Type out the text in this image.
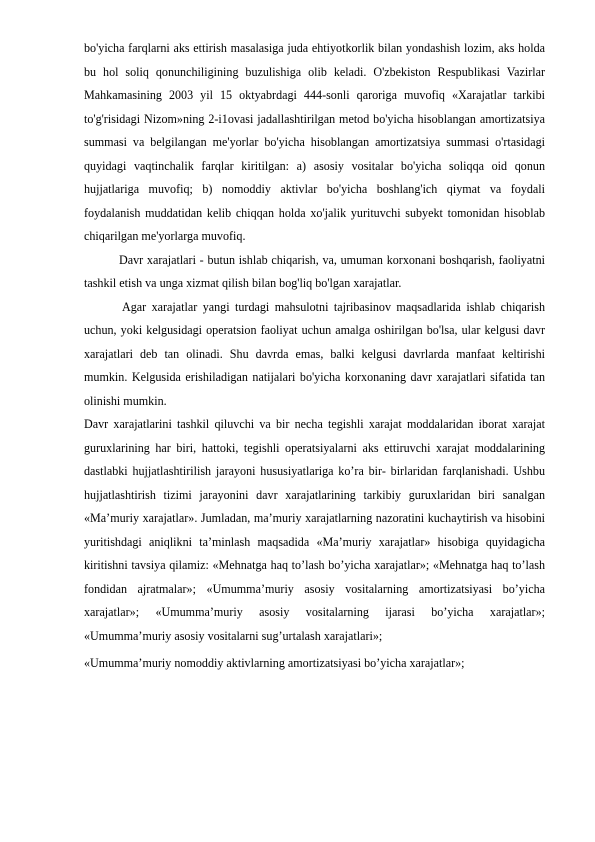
bo'yicha farqlarni aks ettirish masalasiga juda ehtiyotkorlik bilan yondashish lozim, aks holda bu hol soliq qonunchiligining buzulishiga olib keladi. O'zbekiston Respublikasi Vazirlar Mahkamasining 2003 yil 15 oktyabrdagi 444-sonli qaroriga muvofiq «Xarajatlar tarkibi to'g'risidagi Nizom»ning 2-i1ovasi jadallashtirilgan metod bo'yicha hisoblangan amortizatsiya summasi va belgilangan me'yorlar bo'yicha hisoblangan amortizatsiya summasi o'rtasidagi quyidagi vaqtinchalik farqlar kiritilgan: a) asosiy vositalar bo'yicha soliqqa oid qonun hujjatlariga muvofiq; b) nomoddiy aktivlar bo'yicha boshlang'ich qiymat va foydali foydalanish muddatidan kelib chiqqan holda xo'jalik yurituvchi subyekt tomonidan hisoblab chiqarilgan me'yorlarga muvofiq.

Davr xarajatlari - butun ishlab chiqarish, va, umuman korxonani boshqarish, faoliyatni tashkil etish va unga xizmat qilish bilan bog'liq bo'lgan xarajatlar.

Agar xarajatlar yangi turdagi mahsulotni tajribasinov maqsadlarida ishlab chiqarish uchun, yoki kelgusidagi operatsion faoliyat uchun amalga oshirilgan bo'lsa, ular kelgusi davr xarajatlari deb tan olinadi. Shu davrda emas, balki kelgusi davrlarda manfaat keltirishi mumkin. Kelgusida erishiladigan natijalari bo'yicha korxonaning davr xarajatlari sifatida tan olinishi mumkin.

Davr xarajatlarini tashkil qiluvchi va bir necha tegishli xarajat moddalaridan iborat xarajat guruxlarining har biri, hattoki, tegishli operatsiyalarni aks ettiruvchi xarajat moddalarining dastlabki hujjatlashtirilish jarayoni hususiyatlariga ko’ra bir- birlaridan farqlanishadi. Ushbu hujjatlashtirish tizimi jarayonini davr xarajatlarining tarkibiy guruxlaridan biri sanalgan «Ma’muriy xarajatlar». Jumladan, ma’muriy xarajatlarning nazoratini kuchaytirish va hisobini yuritishdagi aniqlikni ta’minlash maqsadida «Ma’muriy xarajatlar» hisobiga quyidagicha kiritishni tavsiya qilamiz: «Mehnatga haq to’lash bo’yicha xarajatlar»; «Mehnatga haq to’lash fondidan ajratmalar»; «Umumma’muriy asosiy vositalarning amortizatsiyasi bo’yicha xarajatlar»; «Umumma’muriy asosiy vositalarning ijarasi bo’yicha xarajatlar»; «Umumma’muriy asosiy vositalarni sug’urtalash xarajatlari»;

«Umumma’muriy nomoddiy aktivlarning amortizatsiyasi bo’yicha xarajatlar»;
